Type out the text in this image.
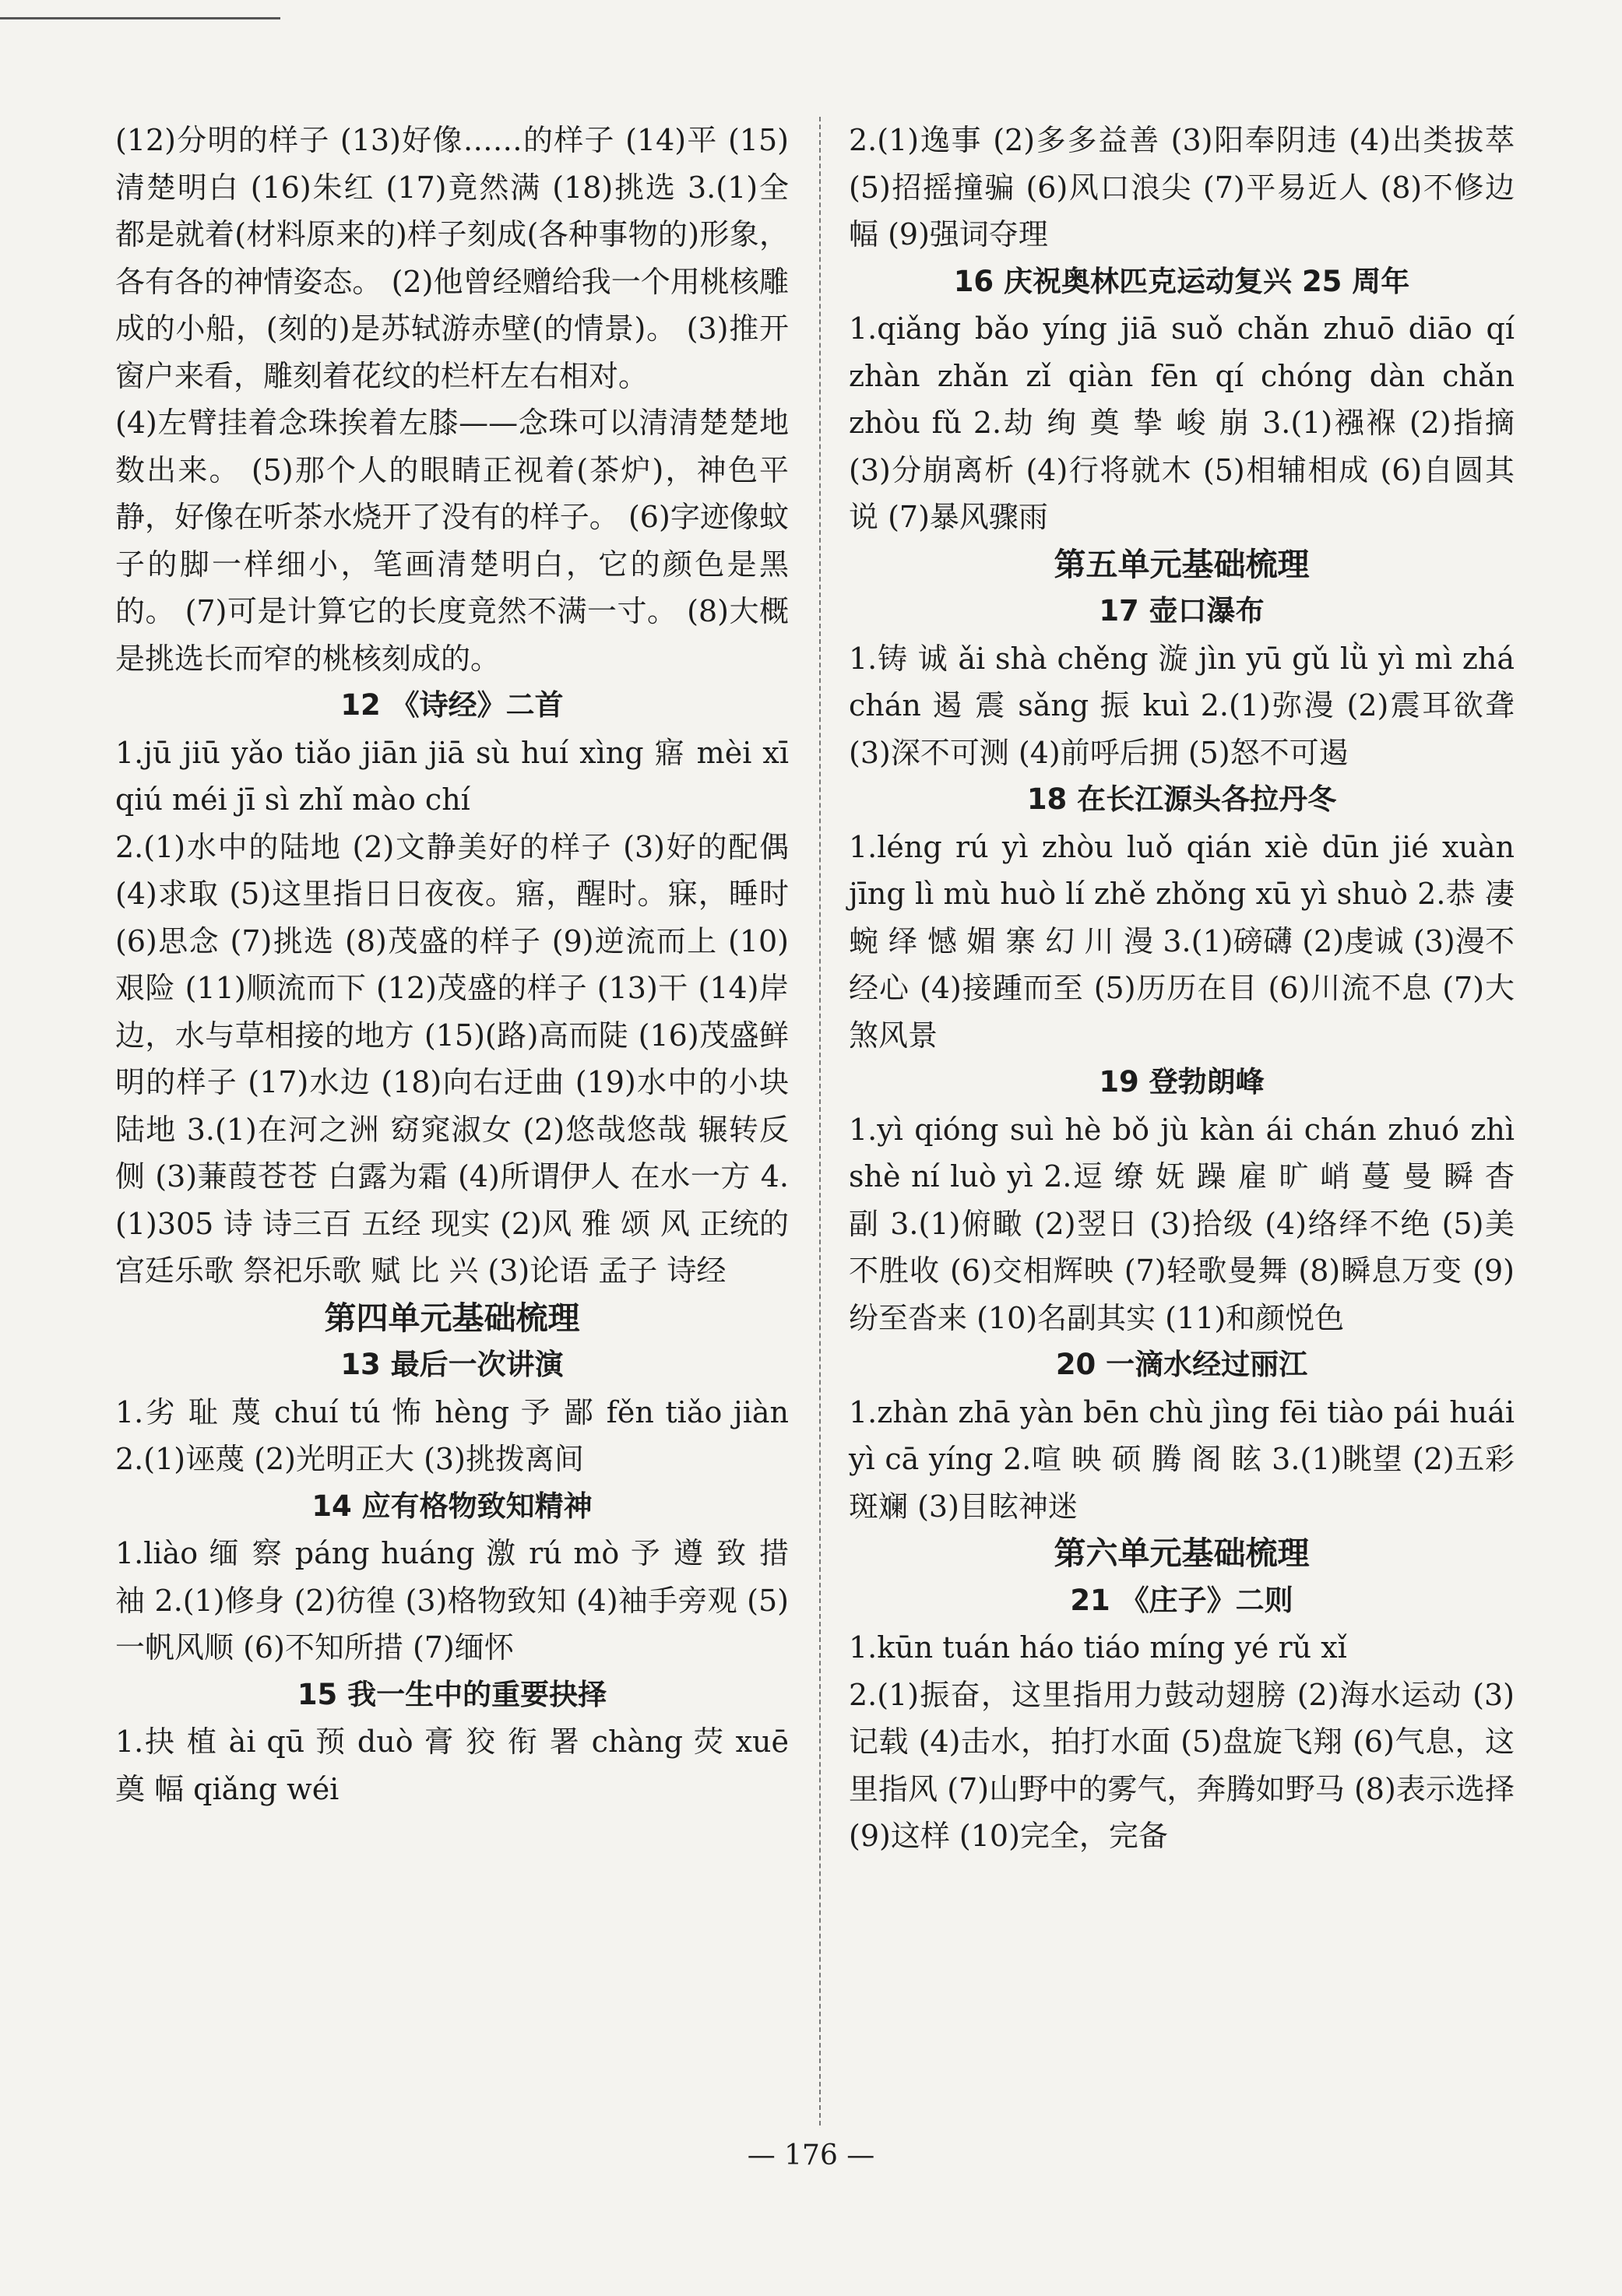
(12)分明的样子 (13)好像……的样子 (14)平 (15)清楚明白 (16)朱红 (17)竟然满 (18)挑选 3.(1)全都是就着(材料原来的)样子刻成(各种事物的)形象，各有各的神情姿态。 (2)他曾经赠给我一个用桃核雕成的小船，(刻的)是苏轼游赤壁(的情景)。 (3)推开窗户来看，雕刻着花纹的栏杆左右相对。

(4)左臂挂着念珠挨着左膝——念珠可以清清楚楚地数出来。 (5)那个人的眼睛正视着(茶炉)，神色平静，好像在听茶水烧开了没有的样子。 (6)字迹像蚊子的脚一样细小，笔画清楚明白，它的颜色是黑的。 (7)可是计算它的长度竟然不满一寸。 (8)大概是挑选长而窄的桃核刻成的。

12 《诗经》二首

1.jū jiū yǎo tiǎo jiān jiā sù huí xìng 寤 mèi xī qiú méi jī sì zhǐ mào chí

2.(1)水中的陆地 (2)文静美好的样子 (3)好的配偶 (4)求取 (5)这里指日日夜夜。寤，醒时。寐，睡时 (6)思念 (7)挑选 (8)茂盛的样子 (9)逆流而上 (10)艰险 (11)顺流而下 (12)茂盛的样子 (13)干 (14)岸边，水与草相接的地方 (15)(路)高而陡 (16)茂盛鲜明的样子 (17)水边 (18)向右迂曲 (19)水中的小块陆地 3.(1)在河之洲 窈窕淑女 (2)悠哉悠哉 辗转反侧 (3)蒹葭苍苍 白露为霜 (4)所谓伊人 在水一方 4.(1)305 诗 诗三百 五经 现实 (2)风 雅 颂 风 正统的宫廷乐歌 祭祀乐歌 赋 比 兴 (3)论语 孟子 诗经

第四单元基础梳理

13 最后一次讲演

1.劣 耻 蔑 chuí tú 怖 hèng 予 鄙 fěn tiǎo jiàn 2.(1)诬蔑 (2)光明正大 (3)挑拨离间

14 应有格物致知精神

1.liào 缅 察 páng huáng 激 rú mò 予 遵 致 措 袖 2.(1)修身 (2)彷徨 (3)格物致知 (4)袖手旁观 (5)一帆风顺 (6)不知所措 (7)缅怀

15 我一生中的重要抉择

1.抉 植 ài qū 预 duò 膏 狡 衔 署 chàng 荧 xuē 奠 幅 qiǎng wéi

2.(1)逸事 (2)多多益善 (3)阳奉阴违 (4)出类拔萃 (5)招摇撞骗 (6)风口浪尖 (7)平易近人 (8)不修边幅 (9)强词夺理

16 庆祝奥林匹克运动复兴 25 周年

1.qiǎng bǎo yíng jiā suǒ chǎn zhuō diāo qí zhàn zhǎn zǐ qiàn fēn qí chóng dàn chǎn zhòu fǔ 2.劫 绚 奠 挚 峻 崩 3.(1)襁褓 (2)指摘 (3)分崩离析 (4)行将就木 (5)相辅相成 (6)自圆其说 (7)暴风骤雨

第五单元基础梳理

17 壶口瀑布

1.铸 诚 ǎi shà chěng 漩 jìn yū gǔ lǜ yì mì zhá chán 遏 震 sǎng 振 kuì 2.(1)弥漫 (2)震耳欲聋 (3)深不可测 (4)前呼后拥 (5)怒不可遏

18 在长江源头各拉丹冬

1.léng rú yì zhòu luǒ qián xiè dūn jié xuàn jīng lì mù huò lí zhě zhǒng xū yì shuò 2.恭 凄 蜿 绎 憾 媚 寨 幻 川 漫 3.(1)磅礴 (2)虔诚 (3)漫不经心 (4)接踵而至 (5)历历在目 (6)川流不息 (7)大煞风景

19 登勃朗峰

1.yì qióng suì hè bǒ jù kàn ái chán zhuó zhì shè ní luò yì 2.逗 缭 妩 躁 雇 旷 峭 蔓 曼 瞬 杳 副 3.(1)俯瞰 (2)翌日 (3)拾级 (4)络绎不绝 (5)美不胜收 (6)交相辉映 (7)轻歌曼舞 (8)瞬息万变 (9)纷至沓来 (10)名副其实 (11)和颜悦色

20 一滴水经过丽江

1.zhàn zhā yàn bēn chù jìng fēi tiào pái huái yì cā yíng 2.喧 映 硕 腾 阁 眩 3.(1)眺望 (2)五彩斑斓 (3)目眩神迷

第六单元基础梳理

21 《庄子》二则

1.kūn tuán háo tiáo míng yé rǔ xǐ

2.(1)振奋，这里指用力鼓动翅膀 (2)海水运动 (3)记载 (4)击水，拍打水面 (5)盘旋飞翔 (6)气息，这里指风 (7)山野中的雾气，奔腾如野马 (8)表示选择 (9)这样 (10)完全，完备

— 176 —
